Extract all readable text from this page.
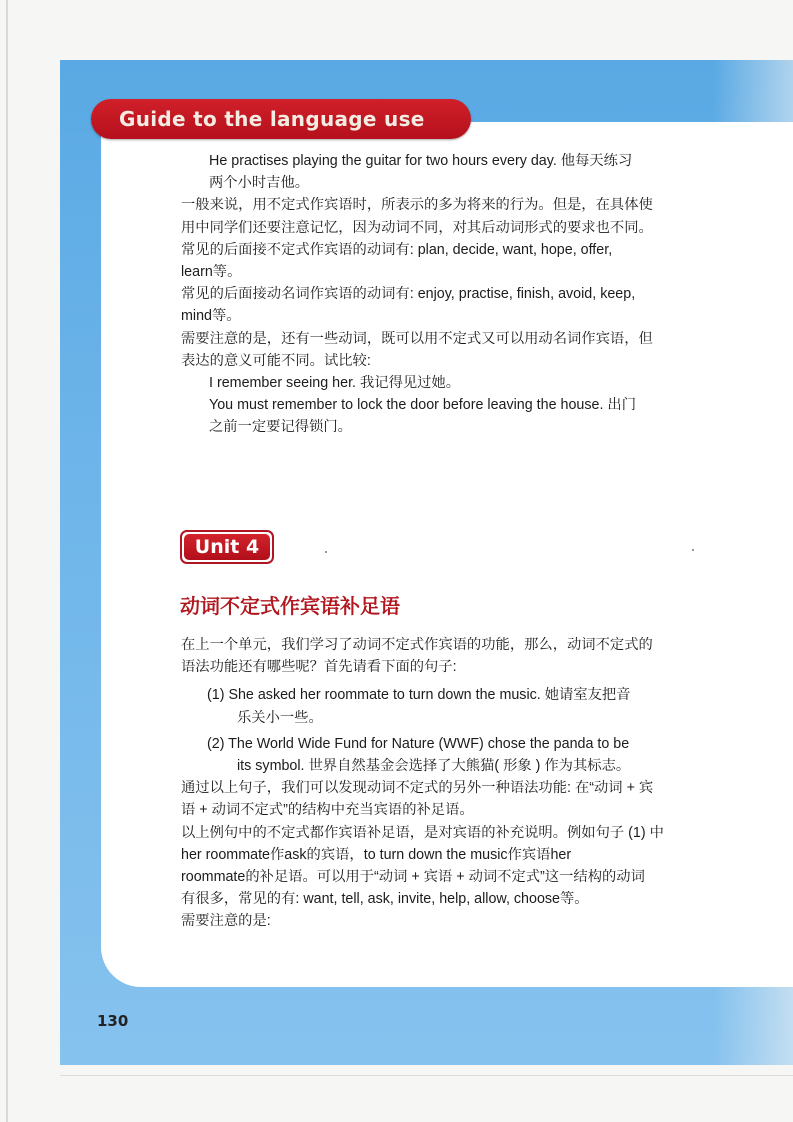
Guide to the language use

He practises playing the guitar for two hours every day. 他每天练习

两个小时吉他。

一般来说，用不定式作宾语时，所表示的多为将来的行为。但是，在具体使

用中同学们还要注意记忆，因为动词不同，对其后动词形式的要求也不同。

常见的后面接不定式作宾语的动词有: plan, decide, want, hope, offer,

learn等。

常见的后面接动名词作宾语的动词有: enjoy, practise, finish, avoid, keep,

mind等。

需要注意的是，还有一些动词，既可以用不定式又可以用动名词作宾语，但

表达的意义可能不同。试比较:

I remember seeing her. 我记得见过她。

You must remember to lock the door before leaving the house. 出门

之前一定要记得锁门。

Unit 4
动词不定式作宾语补足语

在上一个单元，我们学习了动词不定式作宾语的功能，那么，动词不定式的

语法功能还有哪些呢？首先请看下面的句子:

(1) She asked her roommate to turn down the music. 她请室友把音

乐关小一些。

(2) The World Wide Fund for Nature (WWF) chose the panda to be

its symbol. 世界自然基金会选择了大熊猫( 形象 ) 作为其标志。

通过以上句子，我们可以发现动词不定式的另外一种语法功能: 在“动词 + 宾

语 + 动词不定式”的结构中充当宾语的补足语。

以上例句中的不定式都作宾语补足语，是对宾语的补充说明。例如句子 (1) 中

her roommate作ask的宾语，to turn down the music作宾语her

roommate的补足语。可以用于“动词 + 宾语 + 动词不定式”这一结构的动词

有很多，常见的有: want, tell, ask, invite, help, allow, choose等。

需要注意的是:

130
